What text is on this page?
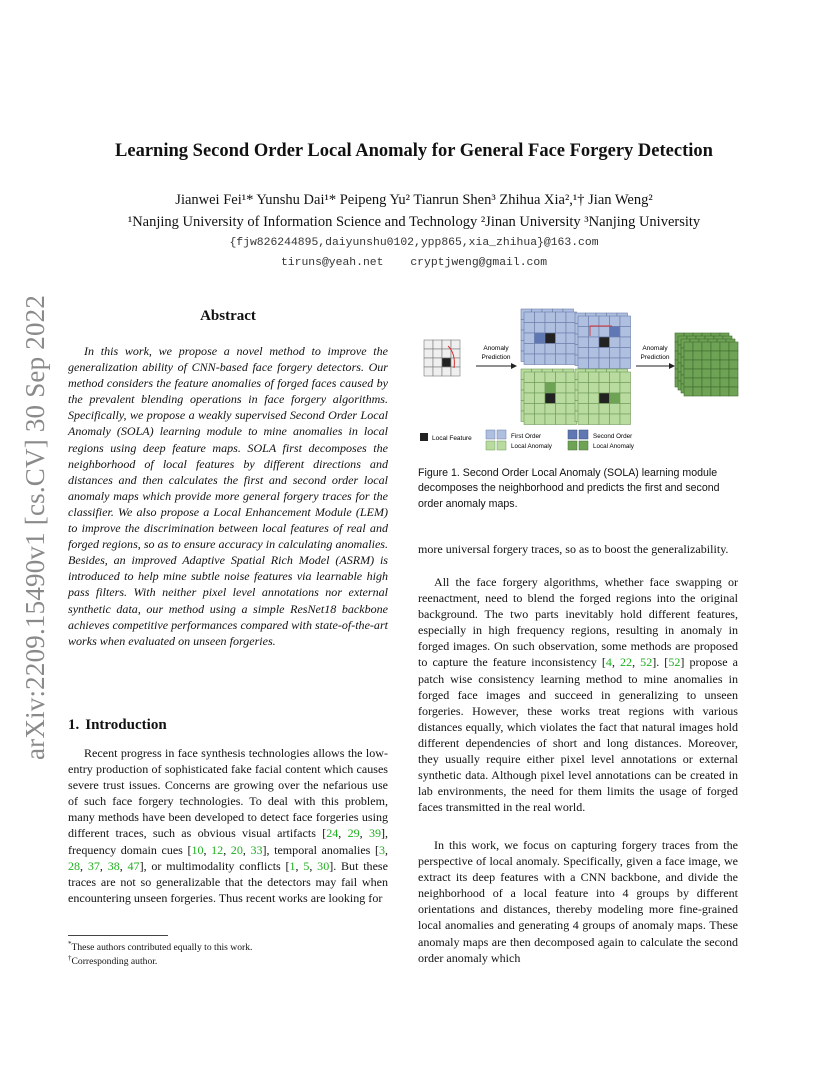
arXiv:2209.15490v1 [cs.CV] 30 Sep 2022
Learning Second Order Local Anomaly for General Face Forgery Detection
Jianwei Fei¹* Yunshu Dai¹* Peipeng Yu² Tianrun Shen³ Zhihua Xia²,¹† Jian Weng²
¹Nanjing University of Information Science and Technology ²Jinan University ³Nanjing University
{fjw826244895,daiyunshu0102,ypp865,xia_zhihua}@163.com
tiruns@yeah.net cryptjweng@gmail.com
Abstract

In this work, we propose a novel method to improve the generalization ability of CNN-based face forgery detectors. Our method considers the feature anomalies of forged faces caused by the prevalent blending operations in face forgery algorithms. Specifically, we propose a weakly supervised Second Order Local Anomaly (SOLA) learning module to mine anomalies in local regions using deep feature maps. SOLA first decomposes the neighborhood of local features by different directions and distances and then calculates the first and second order local anomaly maps which provide more general forgery traces for the classifier. We also propose a Local Enhancement Module (LEM) to improve the discrimination between local features of real and forged regions, so as to ensure accuracy in calculating anomalies. Besides, an improved Adaptive Spatial Rich Model (ASRM) is introduced to help mine subtle noise features via learnable high pass filters. With neither pixel level annotations nor external synthetic data, our method using a simple ResNet18 backbone achieves competitive performances compared with state-of-the-art works when evaluated on unseen forgeries.

1. Introduction

Recent progress in face synthesis technologies allows the low-entry production of sophisticated fake facial content which causes severe trust issues. Concerns are growing over the nefarious use of such face forgery technologies. To deal with this problem, many methods have been developed to detect face forgeries using different traces, such as obvious visual artifacts [24, 29, 39], frequency domain cues [10, 12, 20, 33], temporal anomalies [3, 28, 37, 38, 47], or multimodality conflicts [1, 5, 30]. But these traces are not so generalizable that the detectors may fail when encountering unseen forgeries. Thus recent works are looking for

*These authors contributed equally to this work.
†Corresponding author.
Anomaly
Prediction
Anomaly
Prediction
Local Feature	First Order
Local Anomaly
Second Order
Local Anomaly

Figure 1. Second Order Local Anomaly (SOLA) learning module decomposes the neighborhood and predicts the first and second order anomaly maps.

more universal forgery traces, so as to boost the generalizability.

All the face forgery algorithms, whether face swapping or reenactment, need to blend the forged regions into the original background. The two parts inevitably hold different features, especially in high frequency regions, resulting in anomaly in forged images. On such observation, some methods are proposed to capture the feature inconsistency [4, 22, 52]. [52] propose a patch wise consistency learning method to mine anomalies in forged face images and succeed in generalizing to unseen forgeries. However, these works treat regions with various distances equally, which violates the fact that natural images hold different dependencies of short and long distances. Moreover, they usually require either pixel level annotations or external synthetic data. Although pixel level annotations can be created in lab environments, the need for them limits the usage of forged faces transmitted in the real world.

In this work, we focus on capturing forgery traces from the perspective of local anomaly. Specifically, given a face image, we extract its deep features with a CNN backbone, and divide the neighborhood of a local feature into 4 groups by different orientations and distances, thereby modeling more fine-grained local anomalies and generating 4 groups of anomaly maps. These anomaly maps are then decomposed again to calculate the second order anomaly which
